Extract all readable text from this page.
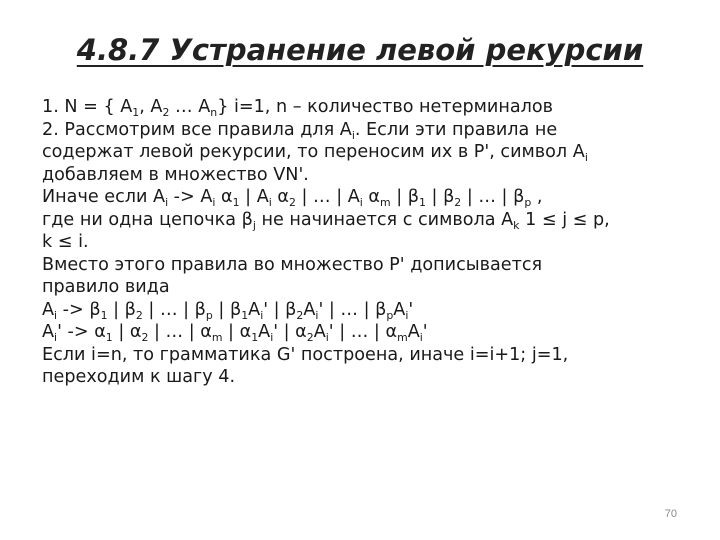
4.8.7 Устранение левой рекурсии
1. N = { $A_1$, $A_2$ … $A_n$} i=1, n – количество нетерминалов
2. Рассмотрим все правила для $A_i$. Если эти правила не
содержат левой рекурсии, то переносим их в P', символ $A_i$
добавляем в множество VN'.
Иначе если $A_i -> A_i$ $\alpha_1$ | $A_i$ $\alpha_2$ | … | $A_i$ $\alpha_m$ | $\beta_1$ | $\beta_2$ | … | $\beta_p$ ,
где ни одна цепочка $\beta_j$ не начинается с символа $A_k$ 1 ≤ j ≤ p,
k ≤ i.
Вместо этого правила во множество P' дописывается
правило вида
$A_i -> \beta_1$ | $\beta_2$ | … | $\beta_p$ | $\beta_1A_i'$ | $\beta_2A_i'$ | … | $\beta_pA_i'$
$A_i' -> \alpha_1$ | $\alpha_2$ | … | $\alpha_m$ | $\alpha_1A_i'$ | $\alpha_2A_i'$ | … | $\alpha_mA_i'$
Если i=n, то грамматика G' построена, иначе i=i+1; j=1,
переходим к шагу 4.
70
